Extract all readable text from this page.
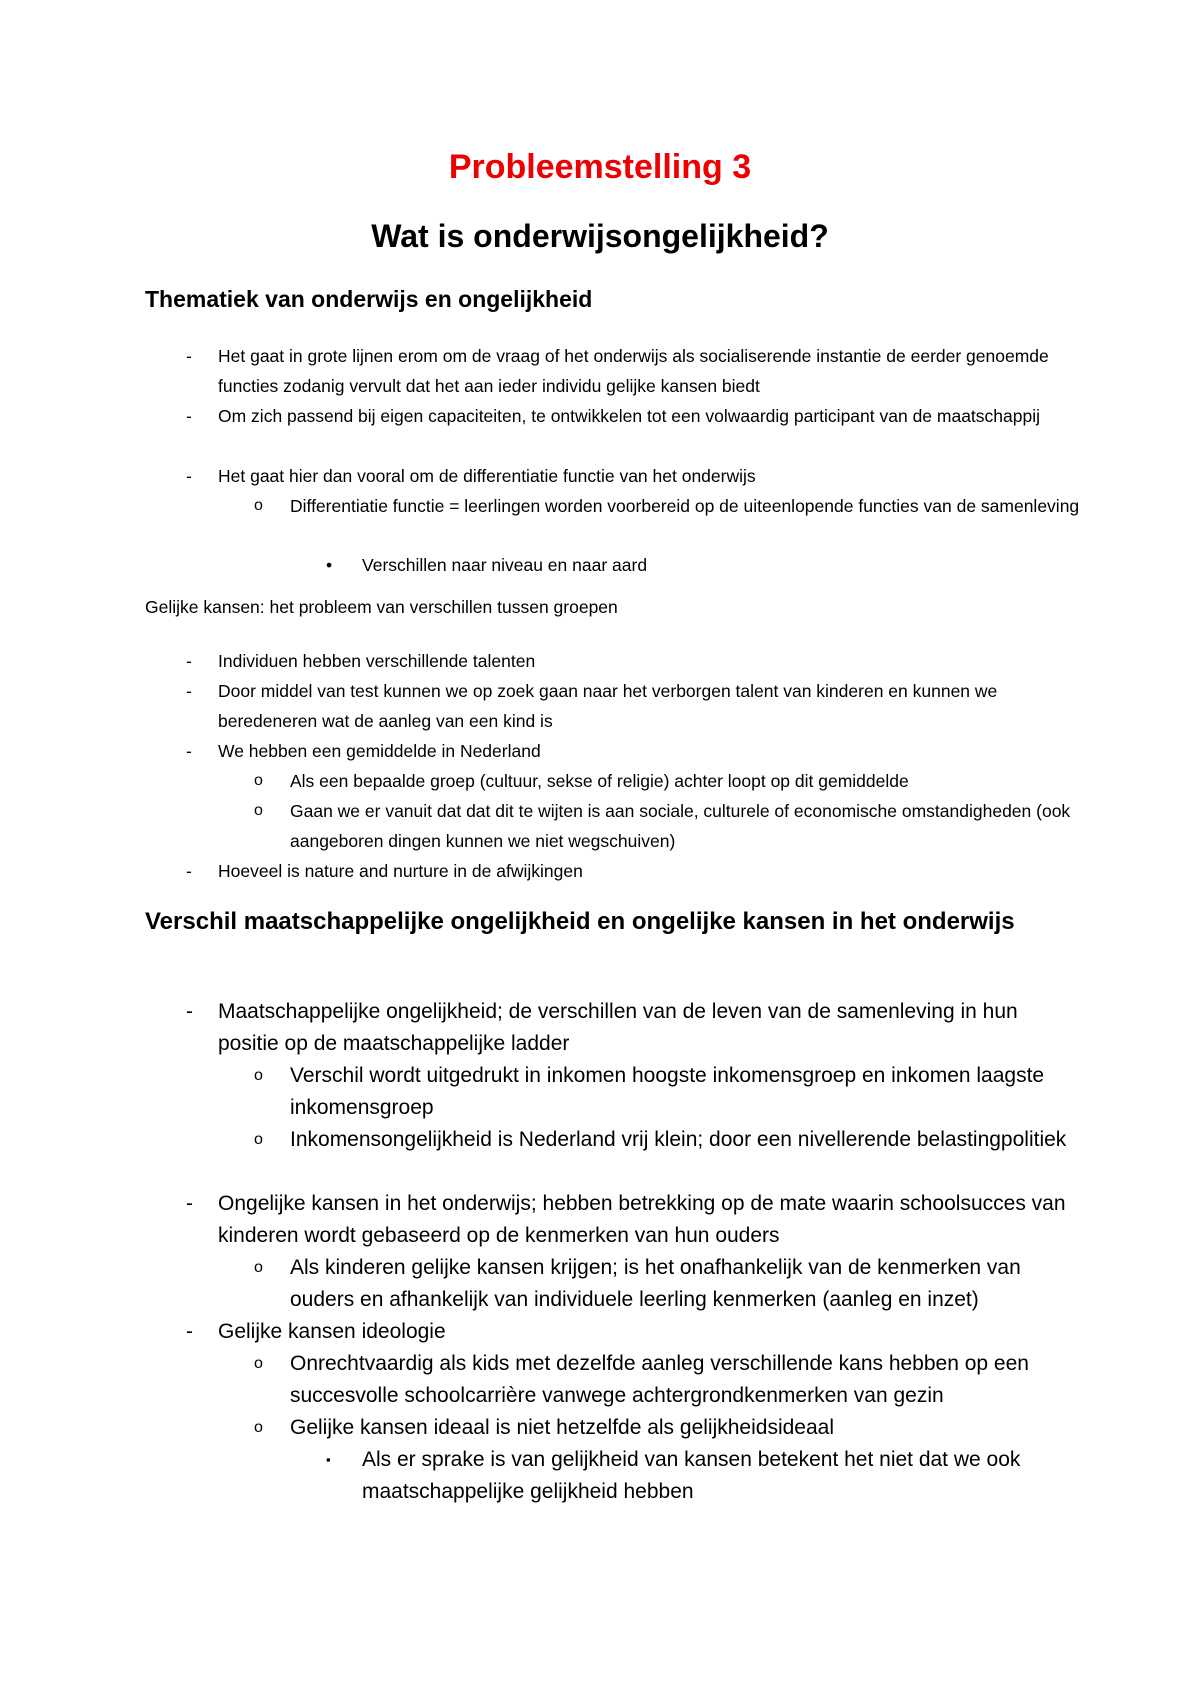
Probleemstelling 3
Wat is onderwijsongelijkheid?
Thematiek van onderwijs en ongelijkheid
-	Het gaat in grote lijnen erom om de vraag of het onderwijs als socialiserende instantie de eerder genoemde functies zodanig vervult dat het aan ieder individu gelijke kansen biedt
-	Om zich passend bij eigen capaciteiten, te ontwikkelen tot een volwaardig participant van de maatschappij
-	Het gaat hier dan vooral om de differentiatie functie van het onderwijs
o	Differentiatie functie = leerlingen worden voorbereid op de uiteenlopende functies van de samenleving
•	Verschillen naar niveau en naar aard
Gelijke kansen: het probleem van verschillen tussen groepen
-	Individuen hebben verschillende talenten
-	Door middel van test kunnen we op zoek gaan naar het verborgen talent van kinderen en kunnen we beredeneren wat de aanleg van een kind is
-	We hebben een gemiddelde in Nederland
o	Als een bepaalde groep (cultuur, sekse of religie) achter loopt op dit gemiddelde
o	Gaan we er vanuit dat dat dit te wijten is aan sociale, culturele of economische omstandigheden (ook aangeboren dingen kunnen we niet wegschuiven)
-	Hoeveel is nature and nurture in de afwijkingen
Verschil maatschappelijke ongelijkheid en ongelijke kansen in het onderwijs
-	Maatschappelijke ongelijkheid; de verschillen van de leven van de samenleving in hun positie op de maatschappelijke ladder
o	Verschil wordt uitgedrukt in inkomen hoogste inkomensgroep en inkomen laagste inkomensgroep
o	Inkomensongelijkheid is Nederland vrij klein; door een nivellerende belastingpolitiek
-	Ongelijke kansen in het onderwijs; hebben betrekking op de mate waarin schoolsucces van kinderen wordt gebaseerd op de kenmerken van hun ouders
o	Als kinderen gelijke kansen krijgen; is het onafhankelijk van de kenmerken van ouders en afhankelijk van individuele leerling kenmerken (aanleg en inzet)
-	Gelijke kansen ideologie
o	Onrechtvaardig als kids met dezelfde aanleg verschillende kans hebben op een succesvolle schoolcarrière vanwege achtergrondkenmerken van gezin
o	Gelijke kansen ideaal is niet hetzelfde als gelijkheidsideaal
▪	Als er sprake is van gelijkheid van kansen betekent het niet dat we ook maatschappelijke gelijkheid hebben
